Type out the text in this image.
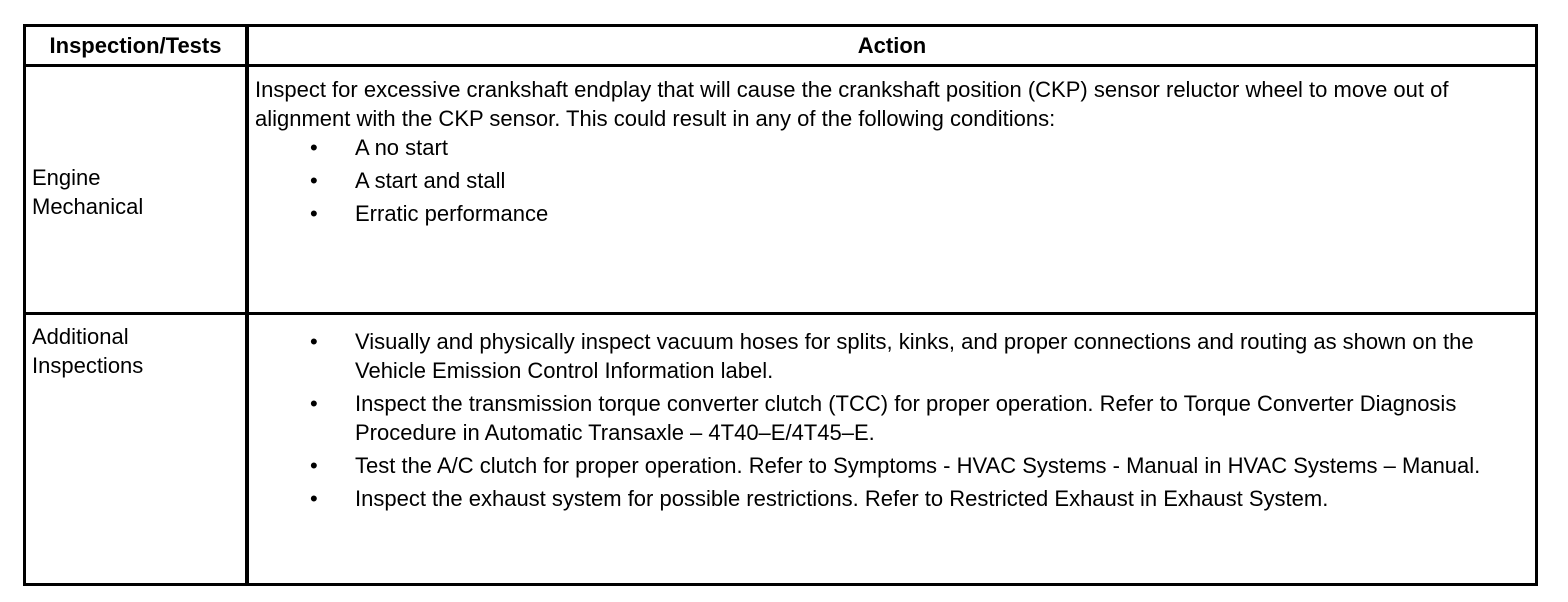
Inspection/Tests	Action
Engine
Mechanical

Inspect for excessive crankshaft endplay that will cause the crankshaft position (CKP) sensor reluctor wheel to move out of alignment with the CKP sensor. This could result in any of the following conditions:

• A no start
• A start and stall
• Erratic performance
Additional
Inspections
• Visually and physically inspect vacuum hoses for splits, kinks, and proper connections and routing as shown on the Vehicle Emission Control Information label.
• Inspect the transmission torque converter clutch (TCC) for proper operation. Refer to Torque Converter Diagnosis Procedure in Automatic Transaxle – 4T40–E/4T45–E.
• Test the A/C clutch for proper operation. Refer to Symptoms - HVAC Systems - Manual in HVAC Systems – Manual.
• Inspect the exhaust system for possible restrictions. Refer to Restricted Exhaust in Exhaust System.
